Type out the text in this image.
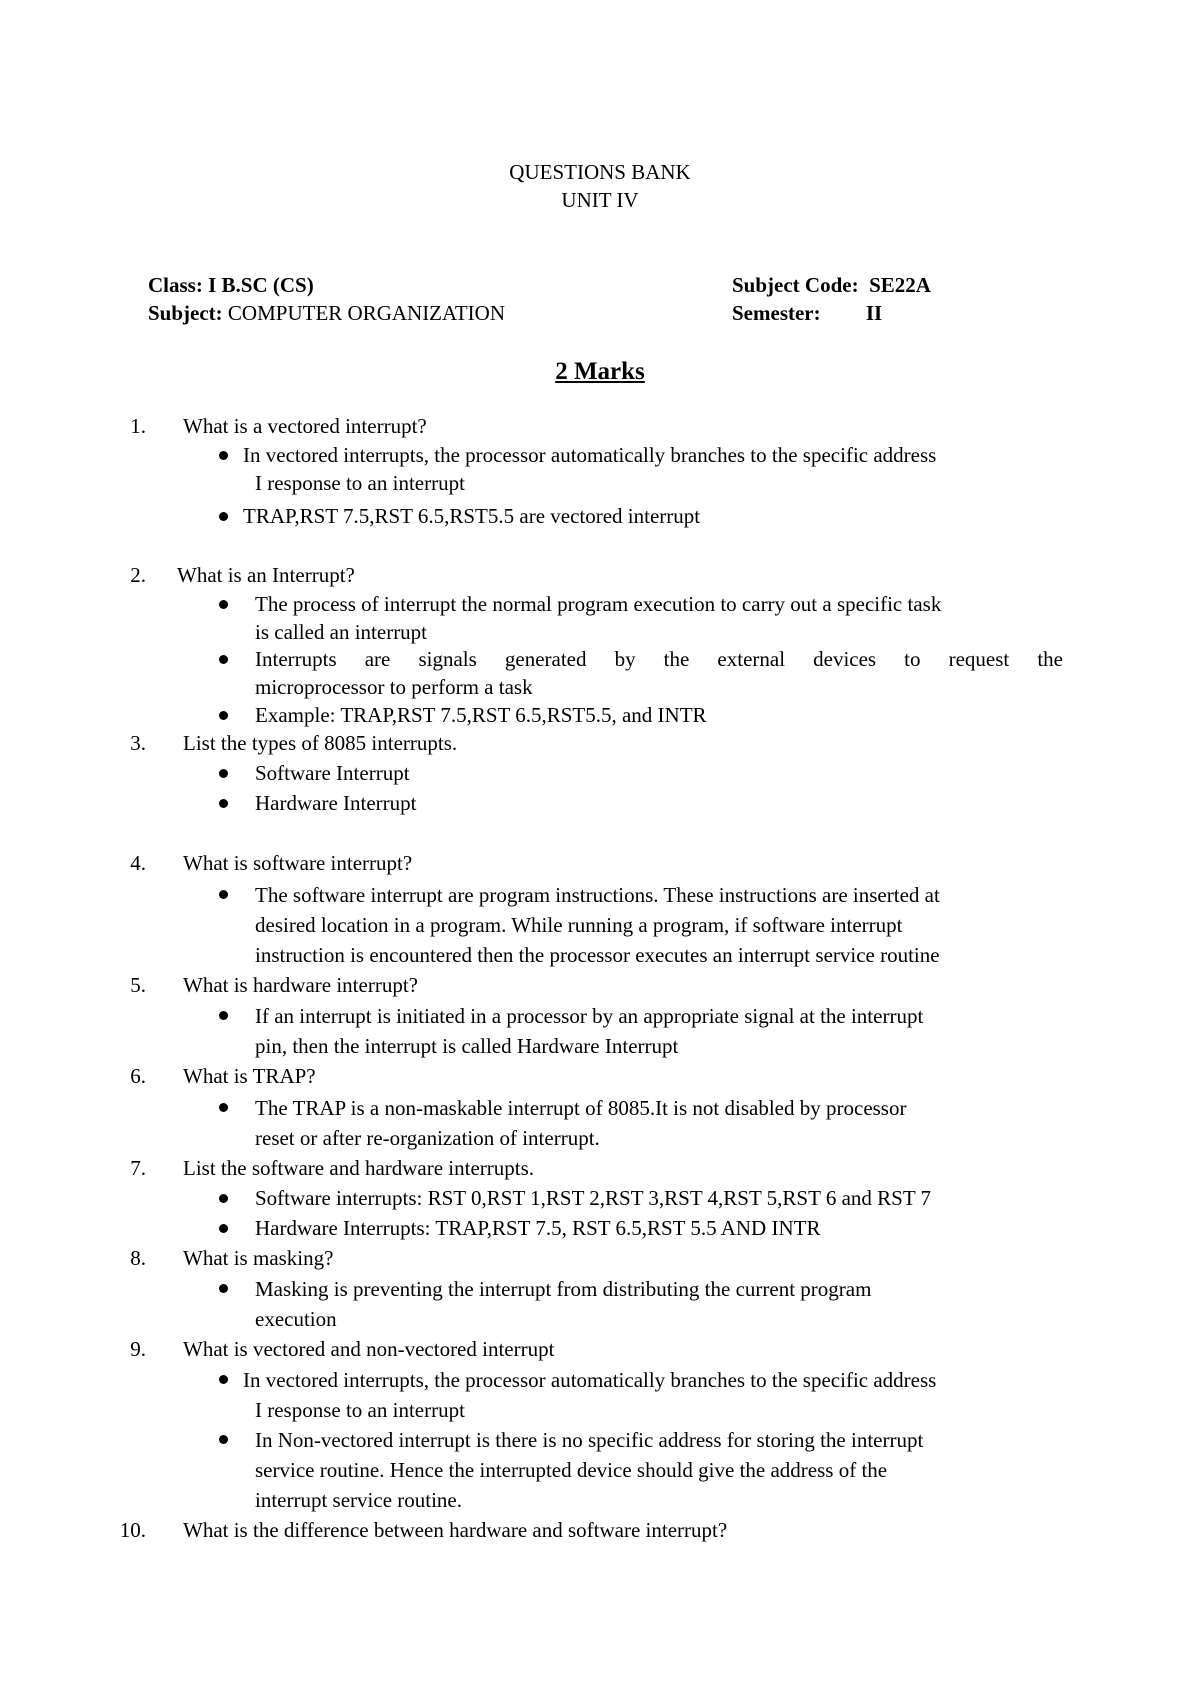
QUESTIONS BANK
UNIT IV
Class: I B.SC (CS)	Subject Code: SE22A
Subject: COMPUTER ORGANIZATION	Semester: II
2 Marks
1. What is a vectored interrupt?
In vectored interrupts, the processor automatically branches to the specific address
I response to an interrupt
TRAP,RST 7.5,RST 6.5,RST5.5 are vectored interrupt
2. What is an Interrupt?
The process of interrupt the normal program execution to carry out a specific task
is called an interrupt
Interrupts are signals generated by the external devices to request the
microprocessor to perform a task
Example: TRAP,RST 7.5,RST 6.5,RST5.5, and INTR
3. List the types of 8085 interrupts.
Software Interrupt
Hardware Interrupt
4. What is software interrupt?
The software interrupt are program instructions. These instructions are inserted at
desired location in a program. While running a program, if software interrupt
instruction is encountered then the processor executes an interrupt service routine
5. What is hardware interrupt?
If an interrupt is initiated in a processor by an appropriate signal at the interrupt
pin, then the interrupt is called Hardware Interrupt
6. What is TRAP?
The TRAP is a non-maskable interrupt of 8085.It is not disabled by processor
reset or after re-organization of interrupt.
7. List the software and hardware interrupts.
Software interrupts: RST 0,RST 1,RST 2,RST 3,RST 4,RST 5,RST 6 and RST 7
Hardware Interrupts: TRAP,RST 7.5, RST 6.5,RST 5.5 AND INTR
8. What is masking?
Masking is preventing the interrupt from distributing the current program
execution
9. What is vectored and non-vectored interrupt
In vectored interrupts, the processor automatically branches to the specific address
I response to an interrupt
In Non-vectored interrupt is there is no specific address for storing the interrupt
service routine. Hence the interrupted device should give the address of the
interrupt service routine.
10. What is the difference between hardware and software interrupt?
